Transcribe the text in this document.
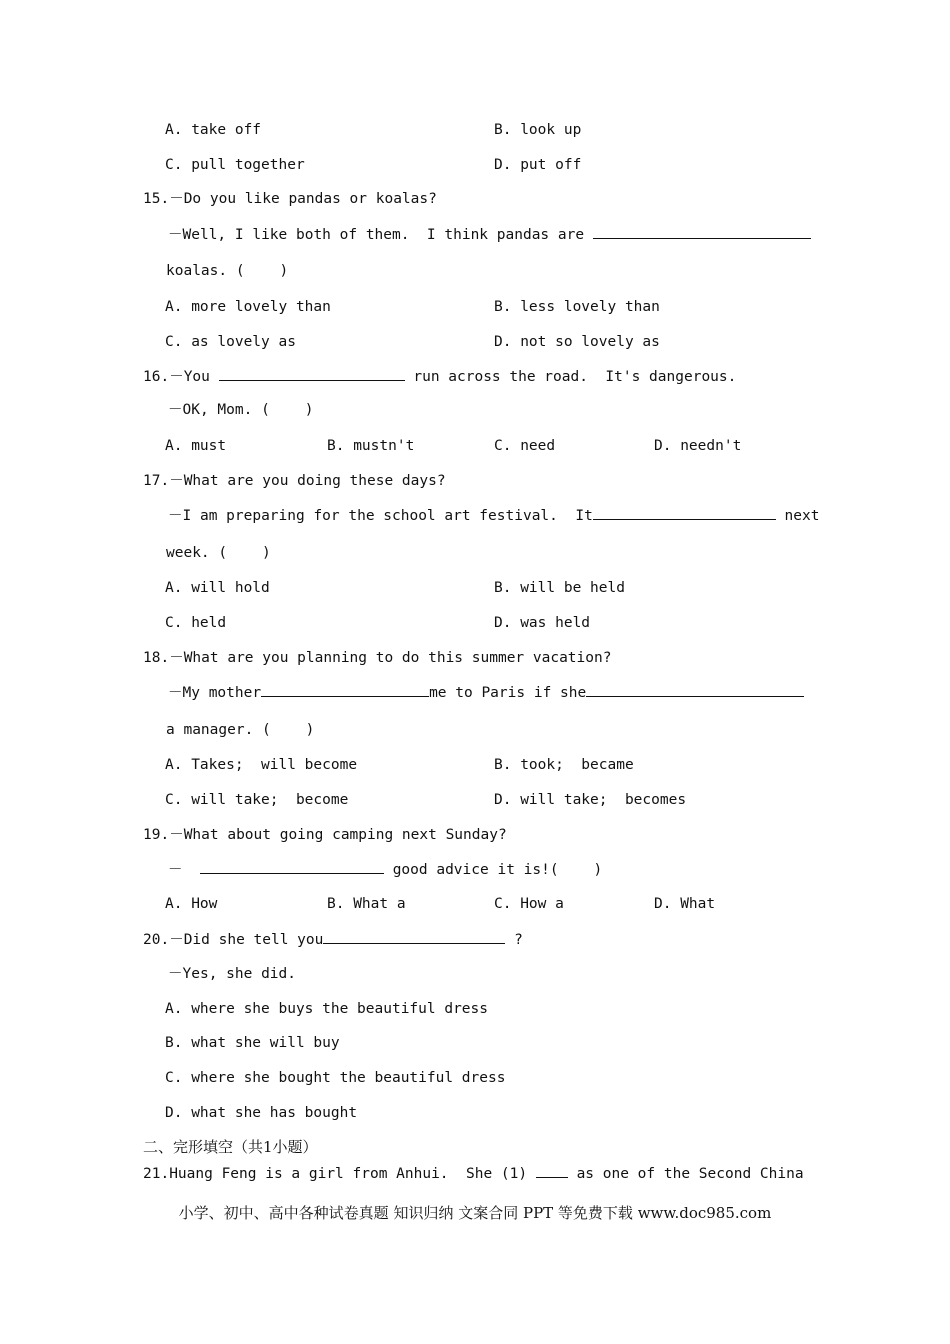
A. take off	B. look up
C. pull together	D. put off
15.－Do you like pandas or koalas?
－Well, I like both of them.  I think pandas are
koalas. (    )
A. more lovely than	B. less lovely than
C. as lovely as	D. not so lovely as
16.－You	run across the road.  It's dangerous.
－OK, Mom. (    )
A. must	B. mustn't	C. need	D. needn't
17.－What are you doing these days?
－I am preparing for the school art festival.  It	next
week. (    )
A. will hold	B. will be held
C. held	D. was held
18.－What are you planning to do this summer vacation?
－My mother	me to Paris if she
a manager. (    )
A. Takes;  will become	B. took;  became
C. will take;  become	D. will take;  becomes
19.－What about going camping next Sunday?
－	good advice it is!(    )
A. How	B. What a	C. How a	D. What
20.－Did she tell you	?
－Yes, she did.
A. where she buys the beautiful dress
B. what she will buy
C. where she bought the beautiful dress
D. what she has bought
二、完形填空（共1小题）
21.Huang Feng is a girl from Anhui.  She (1)	as one of the Second China
小学、初中、高中各种试卷真题 知识归纳 文案合同 PPT 等免费下载 www.doc985.com
